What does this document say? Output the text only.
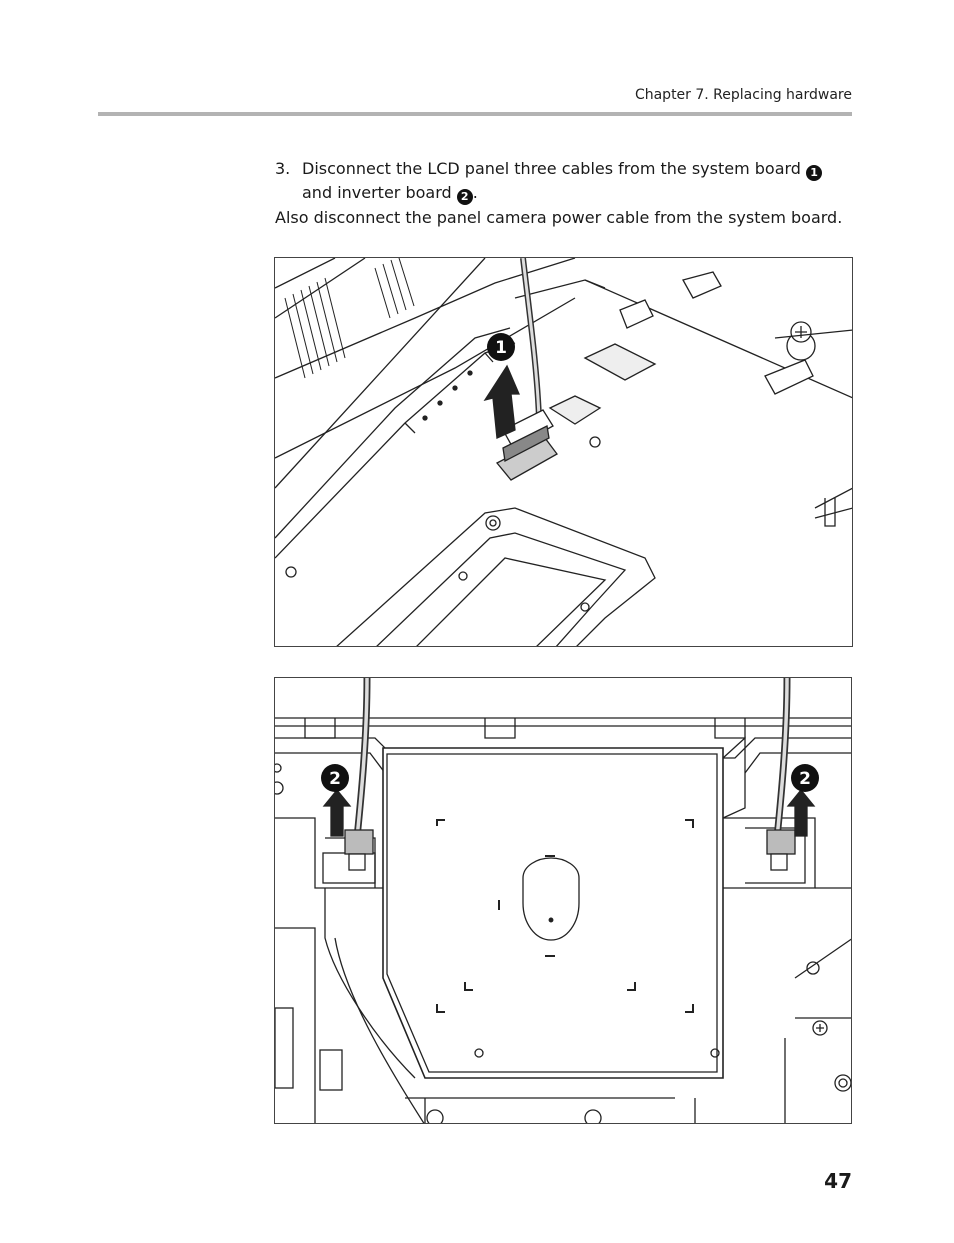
Chapter 7. Replacing hardware
3. Disconnect the LCD panel three cables from the system board 1 and inverter board 2 .
Also disconnect the panel camera power cable from the system board.
1
2	2
47
